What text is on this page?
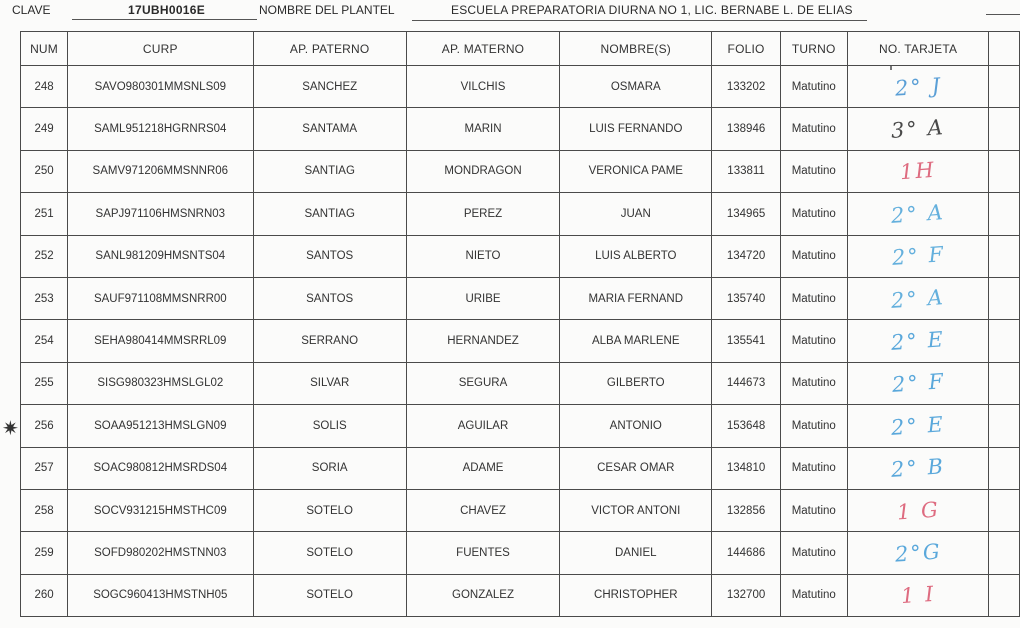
CLAVE	17UBH0016E	NOMBRE DEL PLANTEL	ESCUELA PREPARATORIA DIURNA NO 1, LIC. BERNABE L. DE ELIAS
✷
NUM	CURP	AP. PATERNO	AP. MATERNO	NOMBRE(S)	FOLIO	TURNO	NO. TARJETA	
248	SAVO980301MMSNLS09	SANCHEZ	VILCHIS	OSMARA	133202	Matutino	2° J	
249	SAML951218HGRNRS04	SANTAMA	MARIN	LUIS FERNANDO	138946	Matutino	3° A	
250	SAMV971206MMSNNR06	SANTIAG	MONDRAGON	VERONICA PAME	133811	Matutino	1H	
251	SAPJ971106HMSNRN03	SANTIAG	PEREZ	JUAN	134965	Matutino	2° A	
252	SANL981209HMSNTS04	SANTOS	NIETO	LUIS ALBERTO	134720	Matutino	2° F	
253	SAUF971108MMSNRR00	SANTOS	URIBE	MARIA FERNAND	135740	Matutino	2° A	
254	SEHA980414MMSRRL09	SERRANO	HERNANDEZ	ALBA MARLENE	135541	Matutino	2° E	
255	SISG980323HMSLGL02	SILVAR	SEGURA	GILBERTO	144673	Matutino	2° F	
256	SOAA951213HMSLGN09	SOLIS	AGUILAR	ANTONIO	153648	Matutino	2° E	
257	SOAC980812HMSRDS04	SORIA	ADAME	CESAR OMAR	134810	Matutino	2° B	
258	SOCV931215HMSTHC09	SOTELO	CHAVEZ	VICTOR ANTONI	132856	Matutino	1 G	
259	SOFD980202HMSTNN03	SOTELO	FUENTES	DANIEL	144686	Matutino	2°G	
260	SOGC960413HMSTNH05	SOTELO	GONZALEZ	CHRISTOPHER	132700	Matutino	1 I	
